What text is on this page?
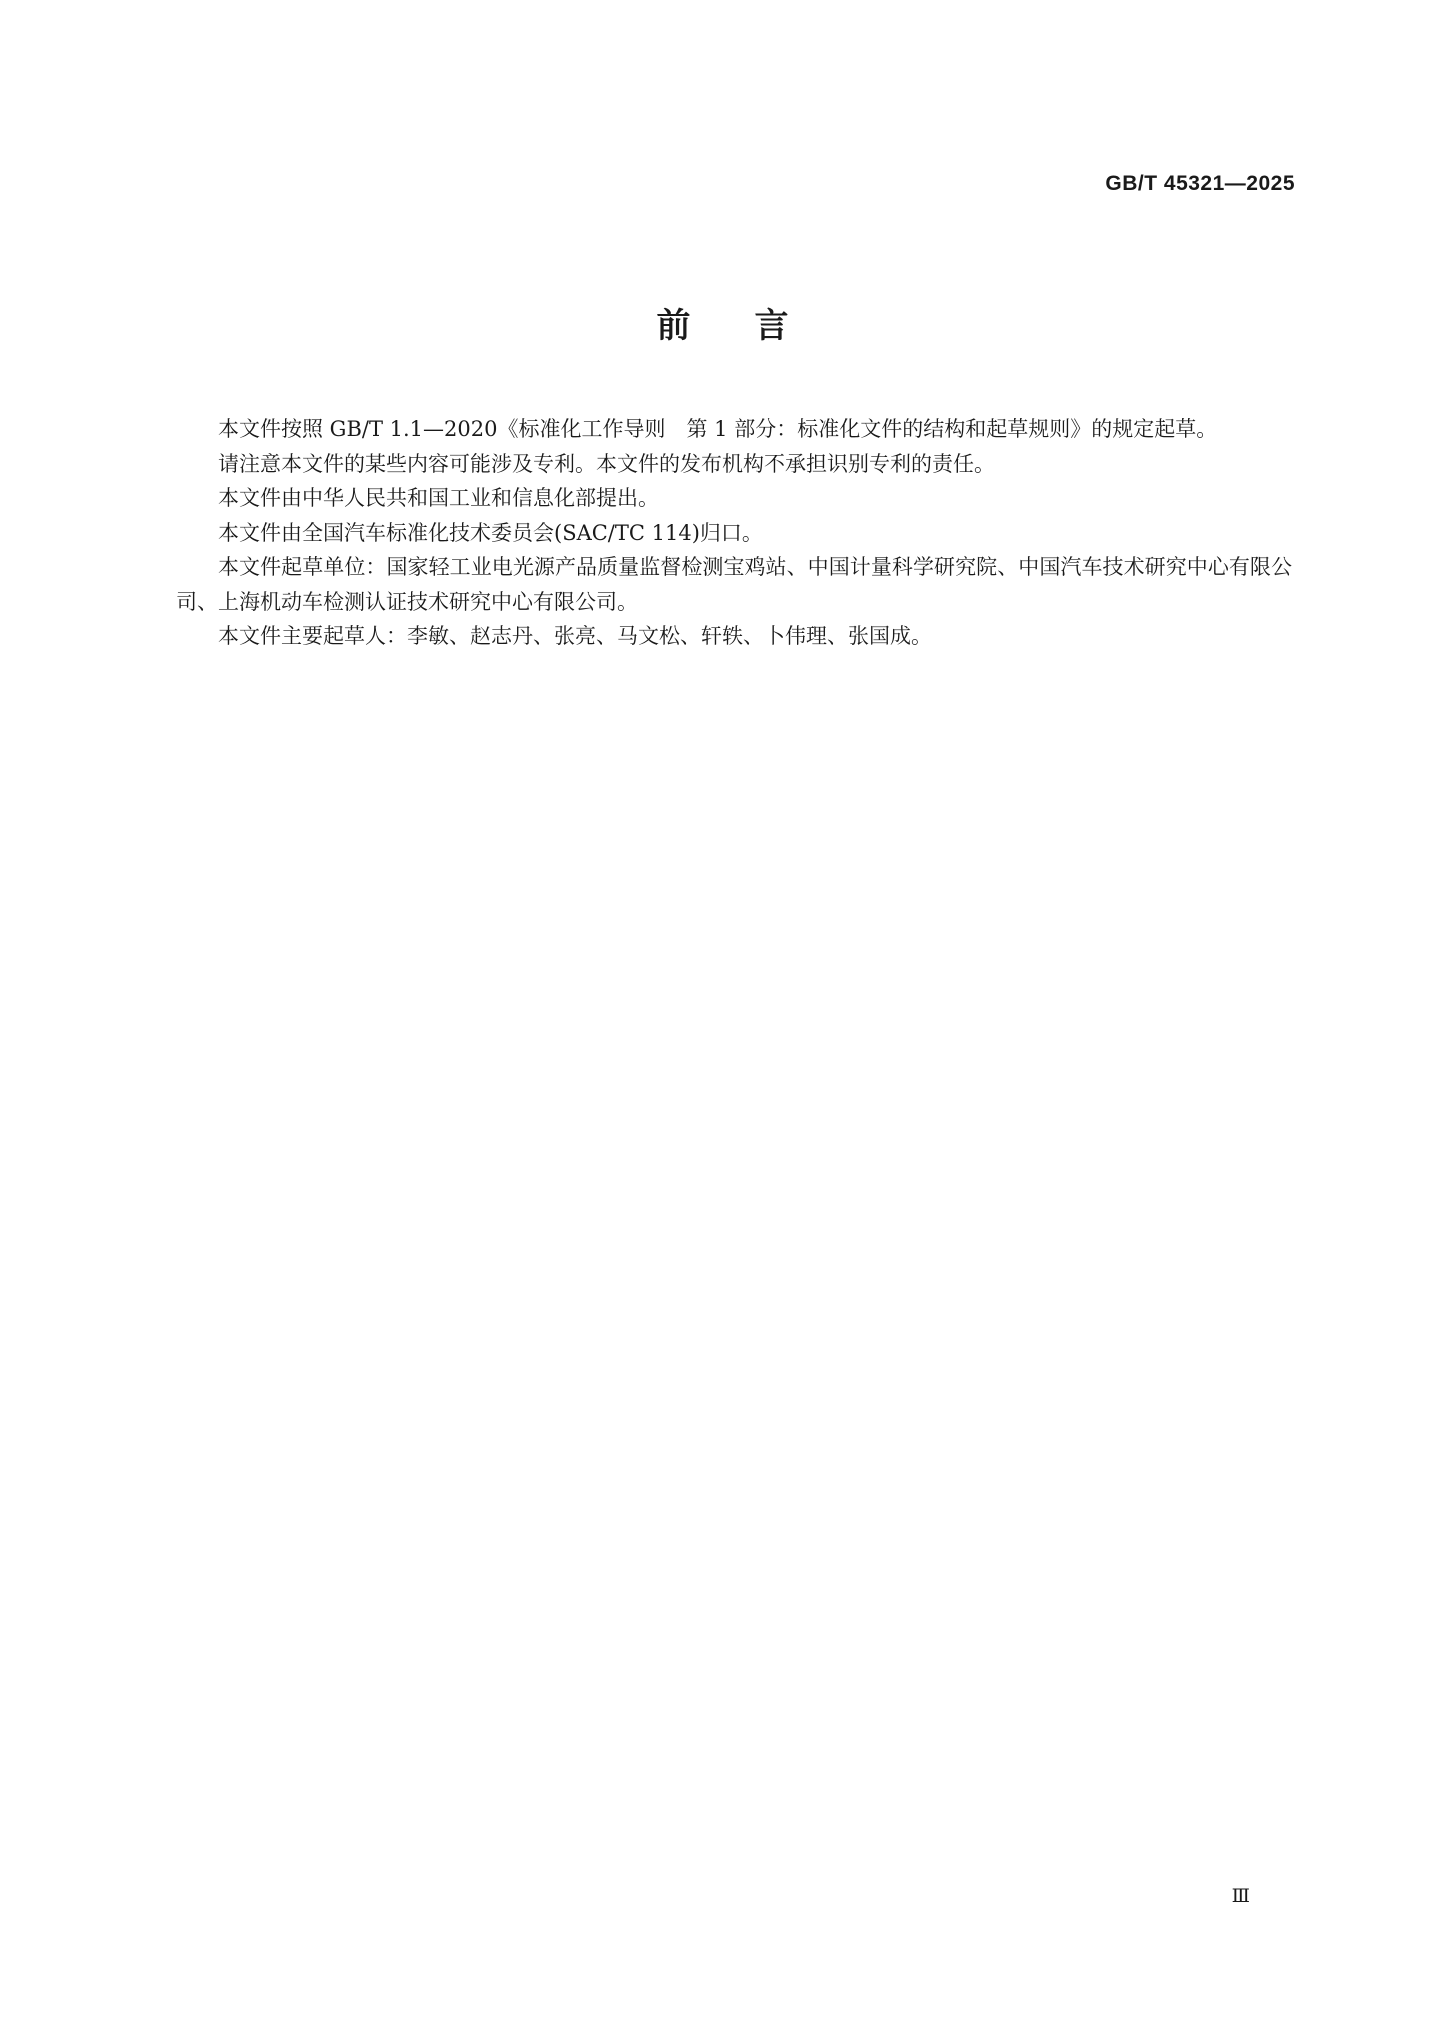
GB/T 45321—2025
前言

本文件按照 GB/T 1.1—2020《标准化工作导则　第 1 部分：标准化文件的结构和起草规则》的规定起草。

请注意本文件的某些内容可能涉及专利。本文件的发布机构不承担识别专利的责任。

本文件由中华人民共和国工业和信息化部提出。

本文件由全国汽车标准化技术委员会(SAC/TC 114)归口。

本文件起草单位：国家轻工业电光源产品质量监督检测宝鸡站、中国计量科学研究院、中国汽车技术研究中心有限公司、上海机动车检测认证技术研究中心有限公司。

本文件主要起草人：李敏、赵志丹、张亮、马文松、轩轶、卜伟理、张国成。

Ⅲ
